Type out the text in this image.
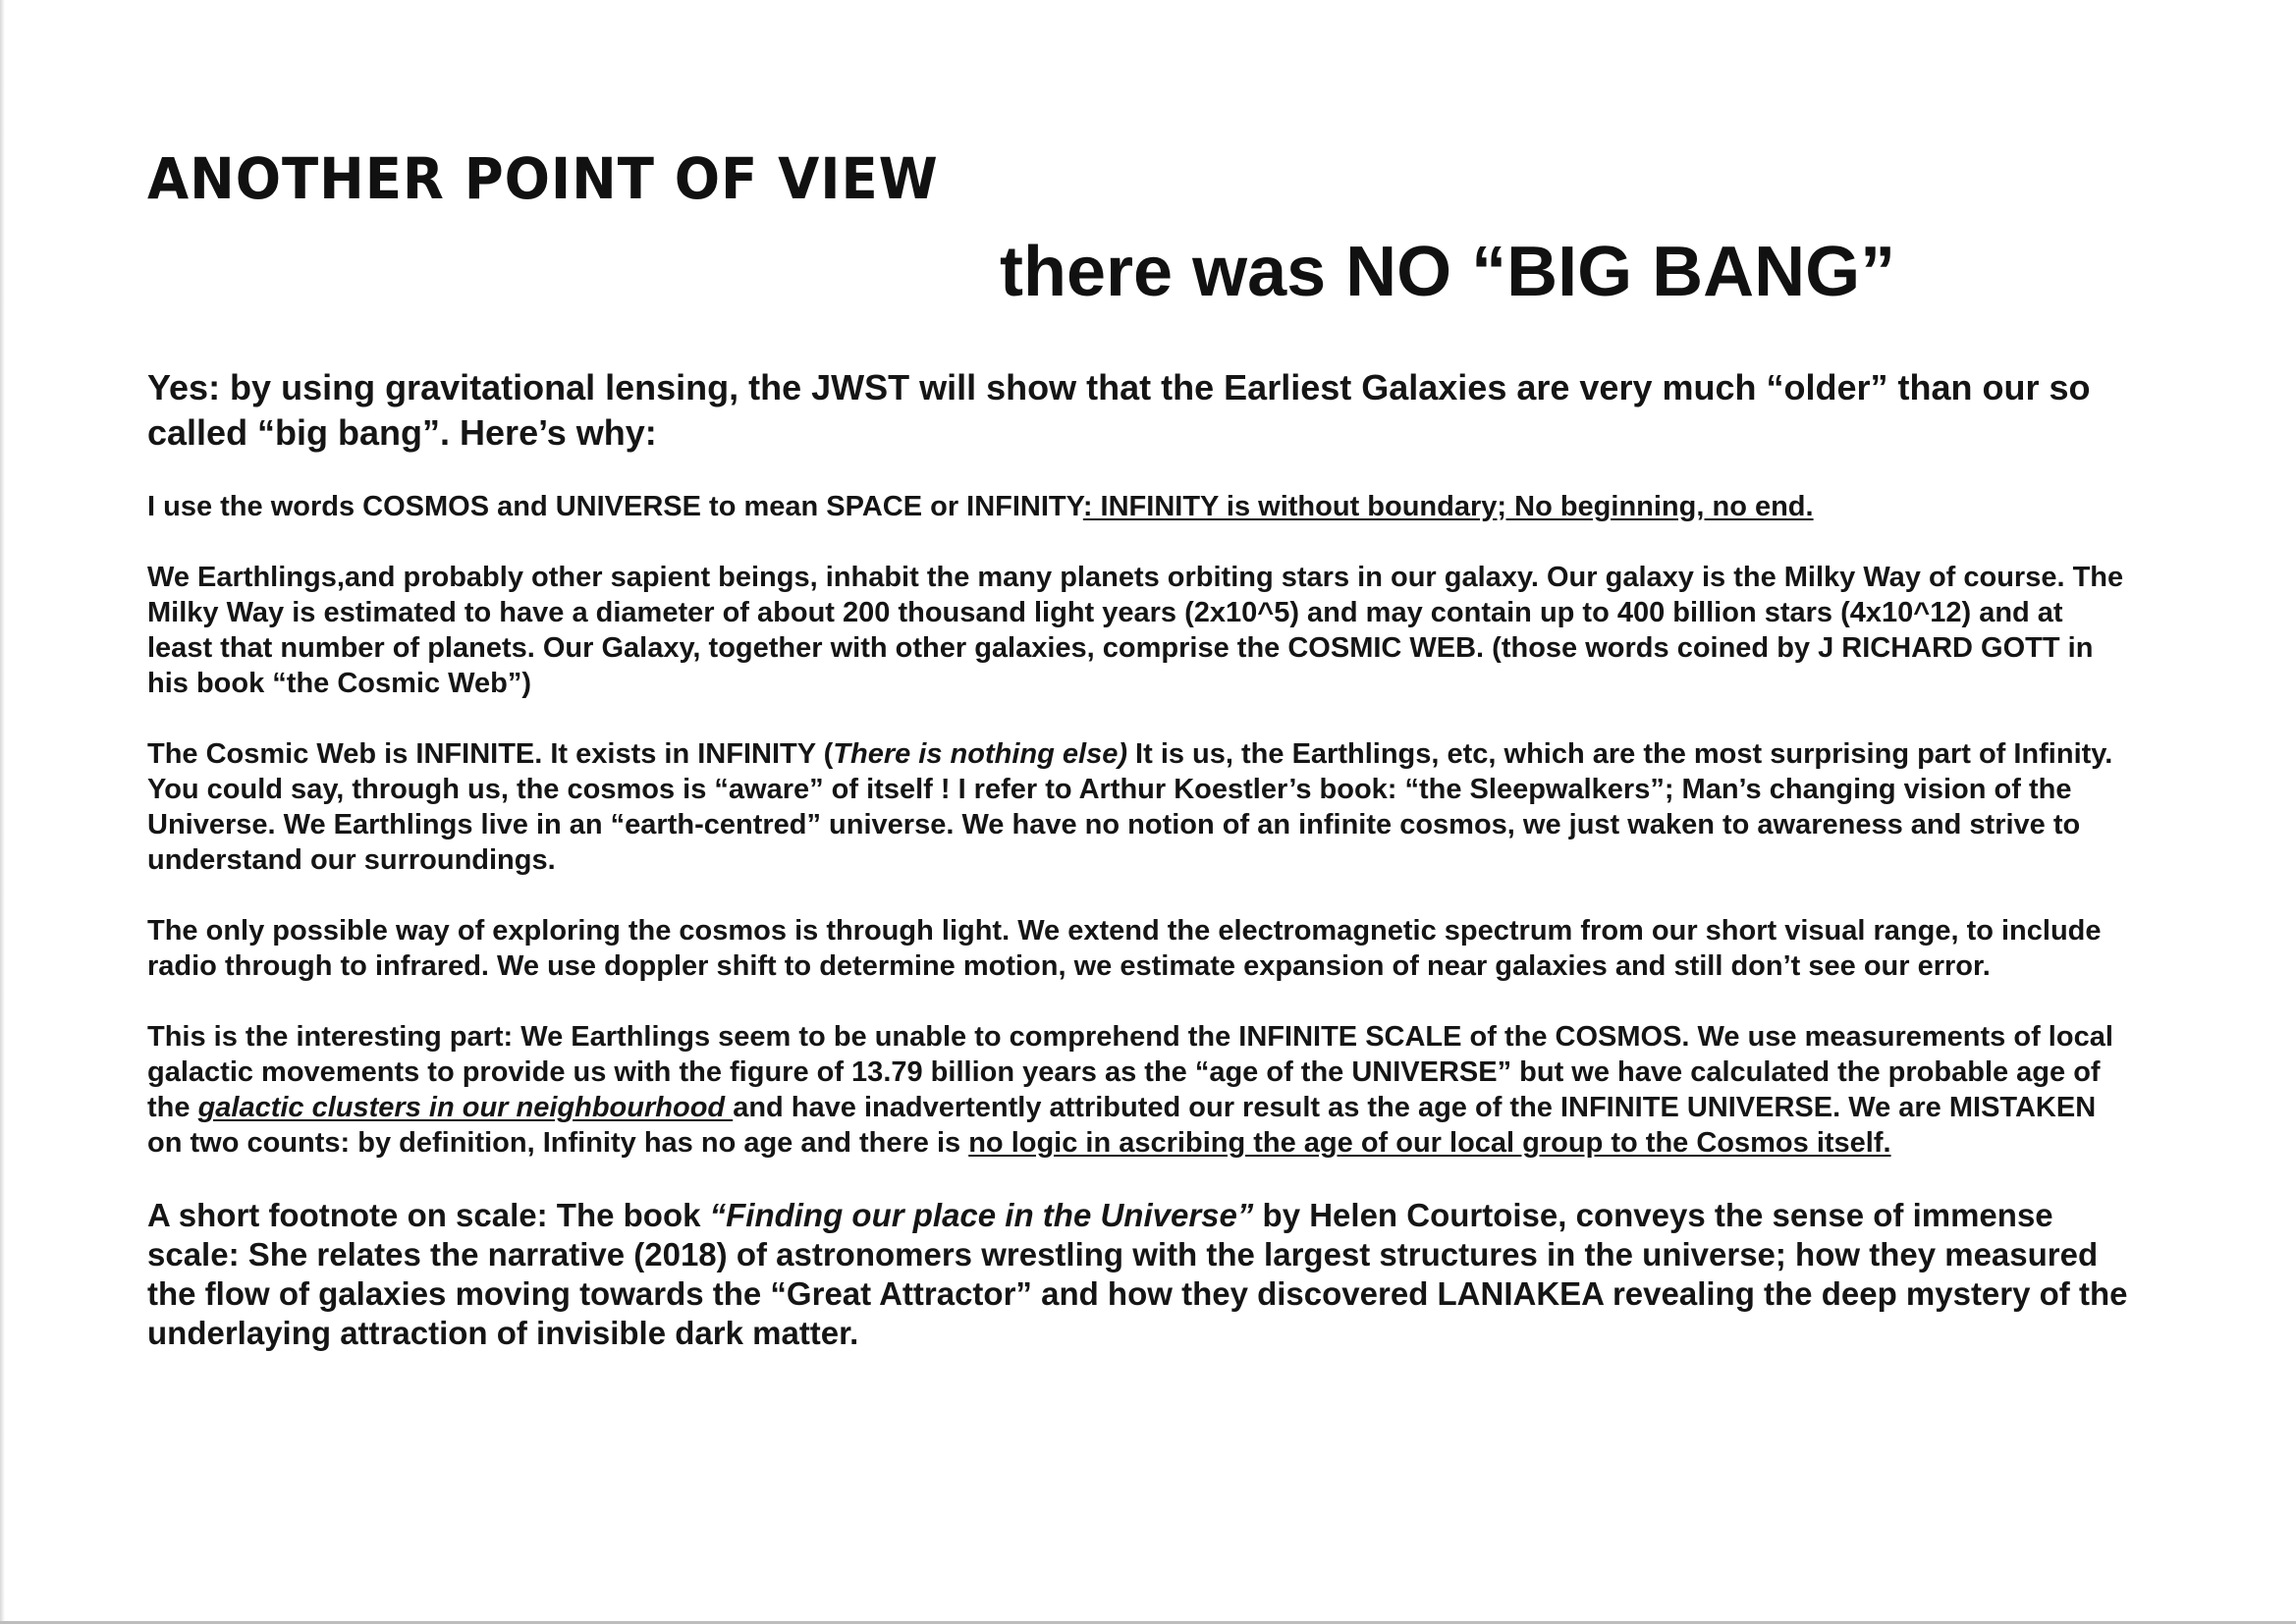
ANOTHER POINT OF VIEW
there was NO “BIG BANG”

Yes: by using gravitational lensing, the JWST will show that the Earliest Galaxies are very much “older” than our so called “big bang”. Here’s why:

I use the words COSMOS and UNIVERSE to mean SPACE or INFINITY: INFINITY is without boundary; No beginning, no end.

We Earthlings,and probably other sapient beings, inhabit the many planets orbiting stars in our galaxy. Our galaxy is the Milky Way of course. The Milky Way is estimated to have a diameter of about 200 thousand light years (2x10^5) and may contain up to 400 billion stars (4x10^12) and at least that number of planets. Our Galaxy, together with other galaxies, comprise the COSMIC WEB. (those words coined by J RICHARD GOTT in his book “the Cosmic Web”)

The Cosmic Web is INFINITE. It exists in INFINITY (There is nothing else) It is us, the Earthlings, etc, which are the most surprising part of Infinity. You could say, through us, the cosmos is “aware” of itself ! I refer to Arthur Koestler’s book: “the Sleepwalkers”; Man’s changing vision of the Universe. We Earthlings live in an “earth-centred” universe. We have no notion of an infinite cosmos, we just waken to awareness and strive to understand our surroundings.

The only possible way of exploring the cosmos is through light. We extend the electromagnetic spectrum from our short visual range, to include radio through to infrared. We use doppler shift to determine motion, we estimate expansion of near galaxies and still don’t see our error.

This is the interesting part: We Earthlings seem to be unable to comprehend the INFINITE SCALE of the COSMOS. We use measurements of local galactic movements to provide us with the figure of 13.79 billion years as the “age of the UNIVERSE” but we have calculated the probable age of the galactic clusters in our neighbourhood and have inadvertently attributed our result as the age of the INFINITE UNIVERSE. We are MISTAKEN on two counts: by definition, Infinity has no age and there is no logic in ascribing the age of our local group to the Cosmos itself.

A short footnote on scale: The book “Finding our place in the Universe” by Helen Courtoise, conveys the sense of immense scale: She relates the narrative (2018) of astronomers wrestling with the largest structures in the universe; how they measured the flow of galaxies moving towards the “Great Attractor” and how they discovered LANIAKEA revealing the deep mystery of the underlaying attraction of invisible dark matter.
